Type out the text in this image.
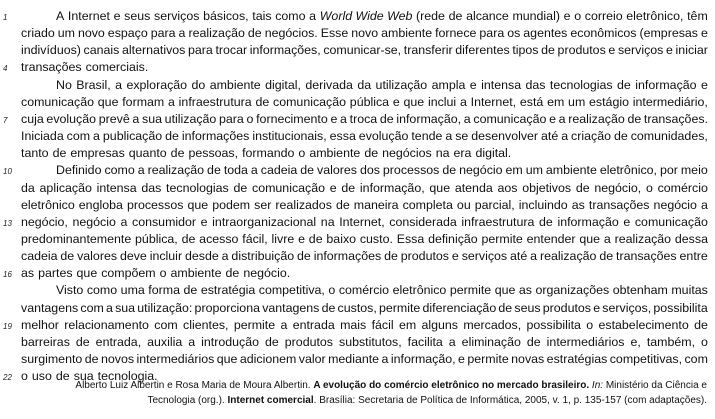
1
4
7
10
13
16
19
22
A Internet e seus serviços básicos, tais como a World Wide Web (rede de alcance mundial) e o correio eletrônico, têm
criado um novo espaço para a realização de negócios. Esse novo ambiente fornece para os agentes econômicos (empresas e
indivíduos) canais alternativos para trocar informações, comunicar-se, transferir diferentes tipos de produtos e serviços e iniciar
transações comerciais.
No Brasil, a exploração do ambiente digital, derivada da utilização ampla e intensa das tecnologias de informação e
comunicação que formam a infraestrutura de comunicação pública e que inclui a Internet, está em um estágio intermediário,
cuja evolução prevê a sua utilização para o fornecimento e a troca de informação, a comunicação e a realização de transações.
Iniciada com a publicação de informações institucionais, essa evolução tende a se desenvolver até a criação de comunidades,
tanto de empresas quanto de pessoas, formando o ambiente de negócios na era digital.
Definido como a realização de toda a cadeia de valores dos processos de negócio em um ambiente eletrônico, por meio
da aplicação intensa das tecnologias de comunicação e de informação, que atenda aos objetivos de negócio, o comércio
eletrônico engloba processos que podem ser realizados de maneira completa ou parcial, incluindo as transações negócio a
negócio, negócio a consumidor e intraorganizacional na Internet, considerada infraestrutura de informação e comunicação
predominantemente pública, de acesso fácil, livre e de baixo custo. Essa definição permite entender que a realização dessa
cadeia de valores deve incluir desde a distribuição de informações de produtos e serviços até a realização de transações entre
as partes que compõem o ambiente de negócio.
Visto como uma forma de estratégia competitiva, o comércio eletrônico permite que as organizações obtenham muitas
vantagens com a sua utilização: proporciona vantagens de custos, permite diferenciação de seus produtos e serviços, possibilita
melhor relacionamento com clientes, permite a entrada mais fácil em alguns mercados, possibilita o estabelecimento de
barreiras de entrada, auxilia a introdução de produtos substitutos, facilita a eliminação de intermediários e, também, o
surgimento de novos intermediários que adicionem valor mediante a informação, e permite novas estratégias competitivas, com
o uso de sua tecnologia.
Alberto Luiz Albertin e Rosa Maria de Moura Albertin. A evolução do comércio eletrônico no mercado brasileiro. In: Ministério da Ciência e
Tecnologia (org.). Internet comercial. Brasília: Secretaria de Política de Informática, 2005, v. 1, p. 135-157 (com adaptações).
